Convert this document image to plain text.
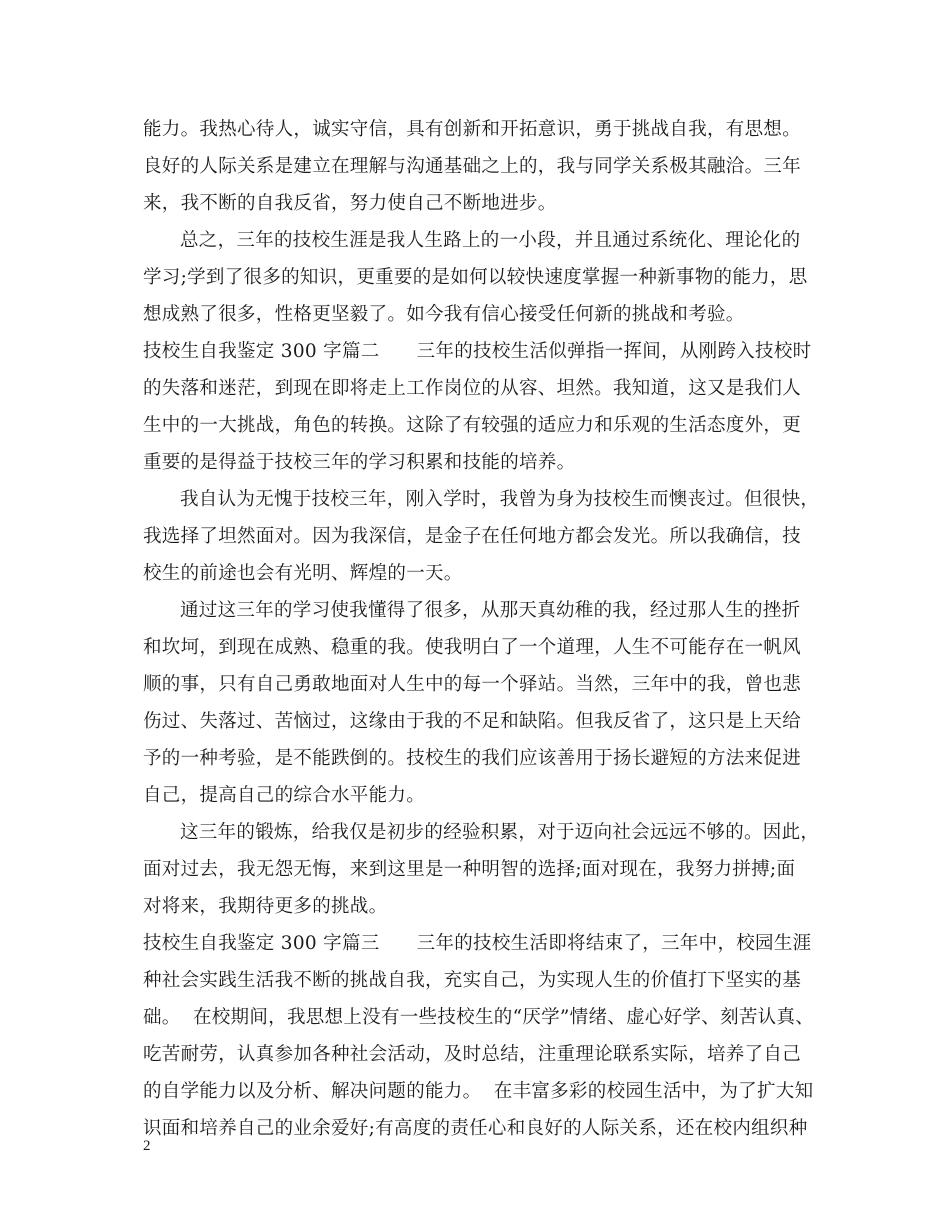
能力。我热心待人，诚实守信，具有创新和开拓意识，勇于挑战自我，有思想。
良好的人际关系是建立在理解与沟通基础之上的，我与同学关系极其融洽。三年
来，我不断的自我反省，努力使自己不断地进步。
总之，三年的技校生涯是我人生路上的一小段，并且通过系统化、理论化的
学习;学到了很多的知识，更重要的是如何以较快速度掌握一种新事物的能力，思
想成熟了很多，性格更坚毅了。如今我有信心接受任何新的挑战和考验。
技校生自我鉴定 300 字篇二      三年的技校生活似弹指一挥间，从刚跨入技校时
的失落和迷茫，到现在即将走上工作岗位的从容、坦然。我知道，这又是我们人
生中的一大挑战，角色的转换。这除了有较强的适应力和乐观的生活态度外，更
重要的是得益于技校三年的学习积累和技能的培养。
我自认为无愧于技校三年，刚入学时，我曾为身为技校生而懊丧过。但很快，
我选择了坦然面对。因为我深信，是金子在任何地方都会发光。所以我确信，技
校生的前途也会有光明、辉煌的一天。
通过这三年的学习使我懂得了很多，从那天真幼稚的我，经过那人生的挫折
和坎坷，到现在成熟、稳重的我。使我明白了一个道理，人生不可能存在一帆风
顺的事，只有自己勇敢地面对人生中的每一个驿站。当然，三年中的我，曾也悲
伤过、失落过、苦恼过，这缘由于我的不足和缺陷。但我反省了，这只是上天给
予的一种考验，是不能跌倒的。技校生的我们应该善用于扬长避短的方法来促进
自己，提高自己的综合水平能力。
这三年的锻炼，给我仅是初步的经验积累，对于迈向社会远远不够的。因此，
面对过去，我无怨无悔，来到这里是一种明智的选择;面对现在，我努力拼搏;面
对将来，我期待更多的挑战。
技校生自我鉴定 300 字篇三      三年的技校生活即将结束了，三年中，校园生涯
种社会实践生活我不断的挑战自我，充实自己，为实现人生的价值打下坚实的基
础。  在校期间，我思想上没有一些技校生的“厌学”情绪、虚心好学、刻苦认真、
吃苦耐劳，认真参加各种社会活动，及时总结，注重理论联系实际，培养了自己
的自学能力以及分析、解决问题的能力。  在丰富多彩的校园生活中，为了扩大知
识面和培养自己的业余爱好;有高度的责任心和良好的人际关系，还在校内组织种
2
